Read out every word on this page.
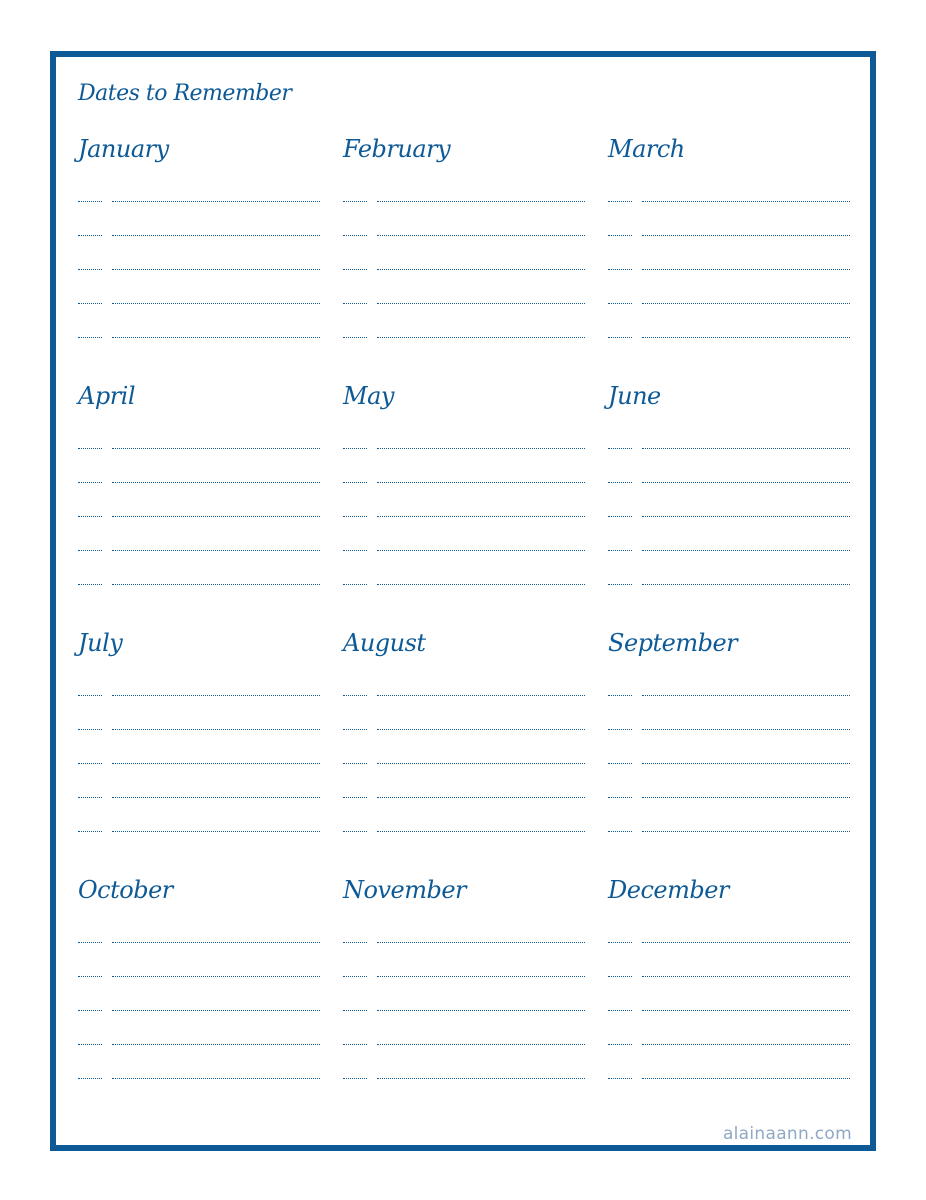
Dates to Remember
January	February	March
April	May	June
July	August	September
October	November	December
alainaann.com
